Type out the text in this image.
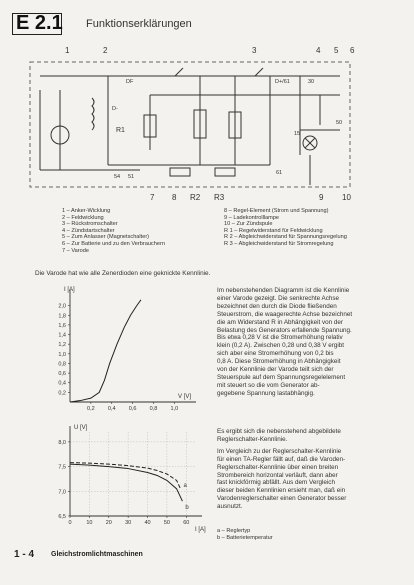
E 2.1 Funktionserklärungen
1	2	3	4 5 6
7 8 R2 R3	9 10
DF
D-
D+/61	30
50
15
61
54 51
R1
1 – Anker-Wicklung
2 – Feldwicklung
3 – Rückstromschalter
4 – Zündstartschalter
5 – Zum Anlasser (Magnetschalter)
6 – Zur Batterie und zu den Verbrauchern
7 – Varode
8 – Regel-Element (Strom und Spannung)
9 – Ladekontrolllampe
10 – Zur Zündspule
R 1 – Regelwiderstand für Feldwicklung
R 2 – Abgleichwiderstand für Spannungsregelung
R 3 – Abgleichwiderstand für Stromregelung
Die Varode hat wie alle Zenerdioden eine geknickte Kennlinie.
0,2 0,4 0,6 0,8 1,0
0,2
0,4
0,6
0,8
1,0
1,2
1,4
1,6
1,8
2,0
I [A]
V [V]
Im nebenstehenden Diagramm ist die Kennlinie
einer Varode gezeigt. Die senkrechte Achse
bezeichnet den durch die Diode fließenden
Steuerstrom, die waagerechte Achse bezeichnet
die am Widerstand R in Abhängigkeit von der
Belastung des Generators erfallende Spannung.
Bis etwa 0,28 V ist die Stromerhöhung relativ
klein (0,2 A). Zwischen 0,28 und 0,38 V ergibt
sich aber eine Stromerhöhung von 0,2 bis
0,8 A. Diese Stromerhöhung in Abhängigkeit
von der Kennlinie der Varode teilt sich der
Steuerspule auf dem Spannungsregelelement
mit steuert so die vom Generator ab-
gegebene Spannung lastabhängig.
0	10 20 30 40 50 60
6,5
7,0
7,5
8,0
a
b
U [V]
I [A]
Es ergibt sich die nebenstehend abgebildete
Reglerschalter-Kennlinie.
Im Vergleich zu der Reglerschalter-Kennlinie
für einen TA-Regler fällt auf, daß die Varoden-
Reglerschalter-Kennlinie über einen breiten
Strombereich horizontal verläuft, dann aber
fast knickförmig abfällt. Aus dem Vergleich
dieser beiden Kennlinien ersieht man, daß ein
Varodenreglerschalter einen Generator besser
ausnutzt.
a – Reglertyp
b – Batterietemperatur
1 - 4 Gleichstromlichtmaschinen
